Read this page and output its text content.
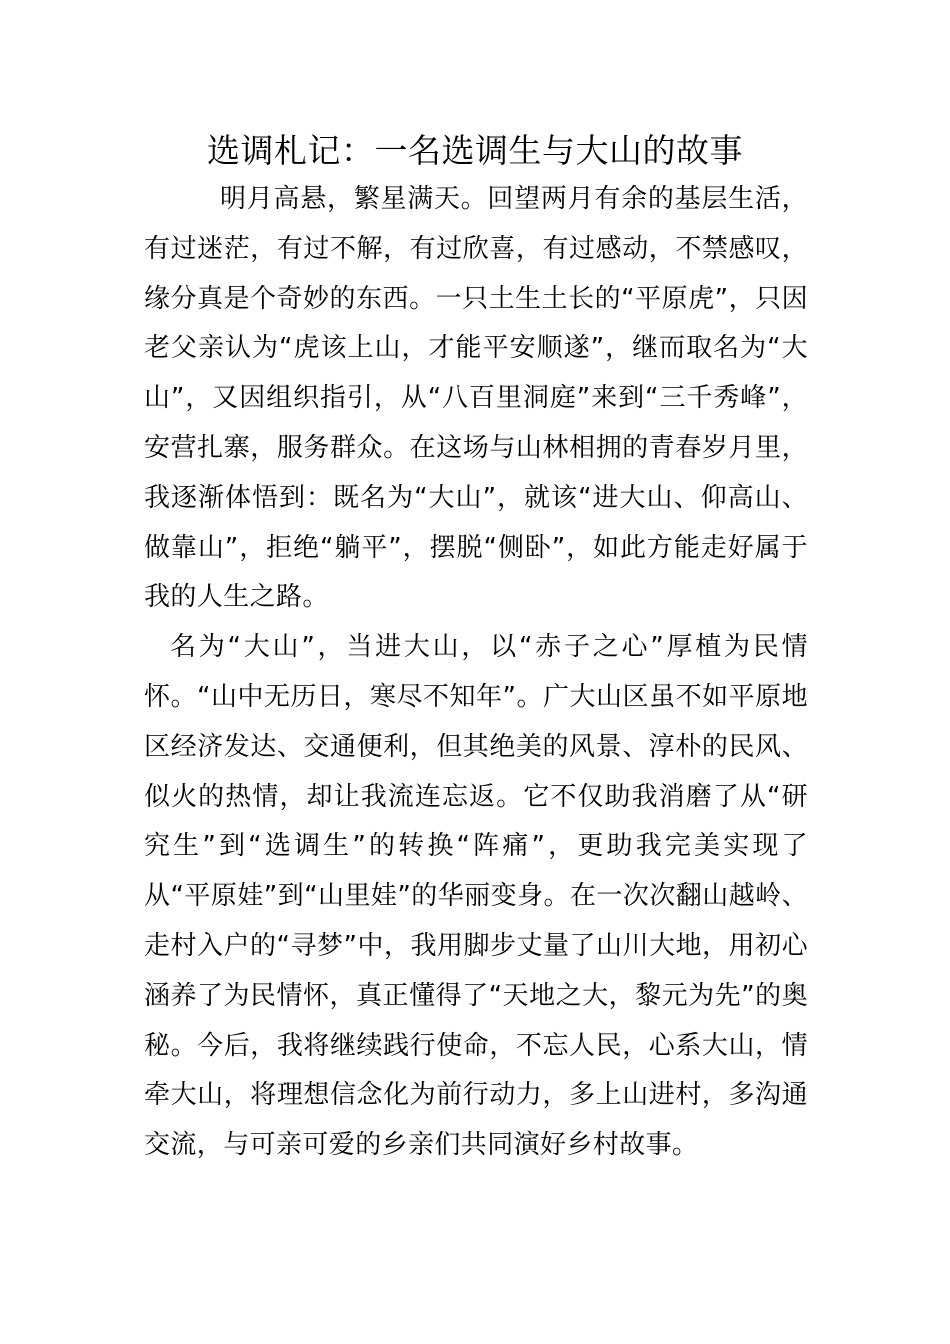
选调札记：一名选调生与大山的故事

明月高悬，繁星满天。回望两月有余的基层生活，有过迷茫，有过不解，有过欣喜，有过感动，不禁感叹，缘分真是个奇妙的东西。一只土生土长的“平原虎”，只因老父亲认为“虎该上山，才能平安顺遂”，继而取名为“大山”，又因组织指引，从“八百里洞庭”来到“三千秀峰”，安营扎寨，服务群众。在这场与山林相拥的青春岁月里，我逐渐体悟到：既名为“大山”，就该“进大山、仰高山、做靠山”，拒绝“躺平”，摆脱“侧卧”，如此方能走好属于我的人生之路。

名为“大山”，当进大山，以“赤子之心”厚植为民情怀。“山中无历日，寒尽不知年”。广大山区虽不如平原地区经济发达、交通便利，但其绝美的风景、淳朴的民风、似火的热情，却让我流连忘返。它不仅助我消磨了从“研究生”到“选调生”的转换“阵痛”，更助我完美实现了从“平原娃”到“山里娃”的华丽变身。在一次次翻山越岭、走村入户的“寻梦”中，我用脚步丈量了山川大地，用初心涵养了为民情怀，真正懂得了“天地之大，黎元为先”的奥秘。今后，我将继续践行使命，不忘人民，心系大山，情牵大山，将理想信念化为前行动力，多上山进村，多沟通交流，与可亲可爱的乡亲们共同演好乡村故事。
